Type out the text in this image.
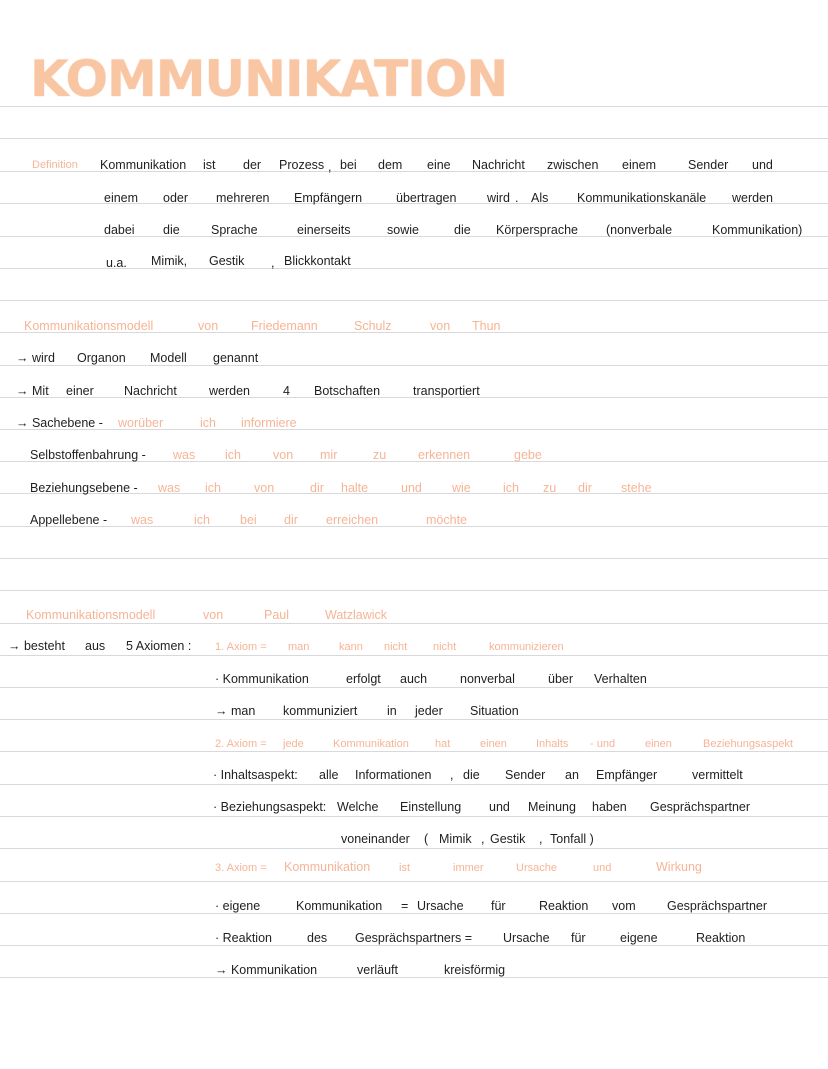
KOMMUNIKATION
Definition Kommunikation ist der Prozess , bei dem eine Nachricht zwischen einem	Sender und
einem oder mehreren Empfängern	übertragen wird . Als Kommunikationskanäle werden
dabei die	Sprache	einerseits	sowie	die Körpersprache (nonverbale	Kommunikation)
u.a. Mimik, Gestik , Blickkontakt
Kommunikationsmodell	von	Friedemann	Schulz	von Thun
→ wird Organon Modell genannt
→ Mit einer Nachricht	werden	4 Botschaften	transportiert
→ Sachebene - worüber	ich informiere
Selbstoffenbahrung - was ich	von mir	zu	erkennen	gebe
Beziehungsebene - was ich	von	dir halte	und wie	ich zu dir stehe
Appellebene - was	ich bei dir erreichen	möchte
Kommunikationsmodell	von	Paul	Watzlawick
→ besteht aus 5 Axiomen : 1. Axiom = man	kann nicht nicht	kommunizieren
· Kommunikation	erfolgt auch	nonverbal	über Verhalten
→ man kommuniziert in jeder Situation
2. Axiom = jede	Kommunikation hat	einen	Inhalts - und	einen	Beziehungsaspekt
· Inhaltsaspekt: alle Informationen , die Sender an Empfänger	vermittelt
· Beziehungsaspekt: Welche Einstellung und Meinung haben Gesprächspartner
voneinander ( Mimik , Gestik , Tonfall )
3. Axiom = Kommunikation	ist	immer	Ursache	und	Wirkung
· eigene	Kommunikation = Ursache für	Reaktion vom	Gesprächspartner
· Reaktion	des Gesprächspartners = Ursache für	eigene	Reaktion
→ Kommunikation	verläuft	kreisförmig
